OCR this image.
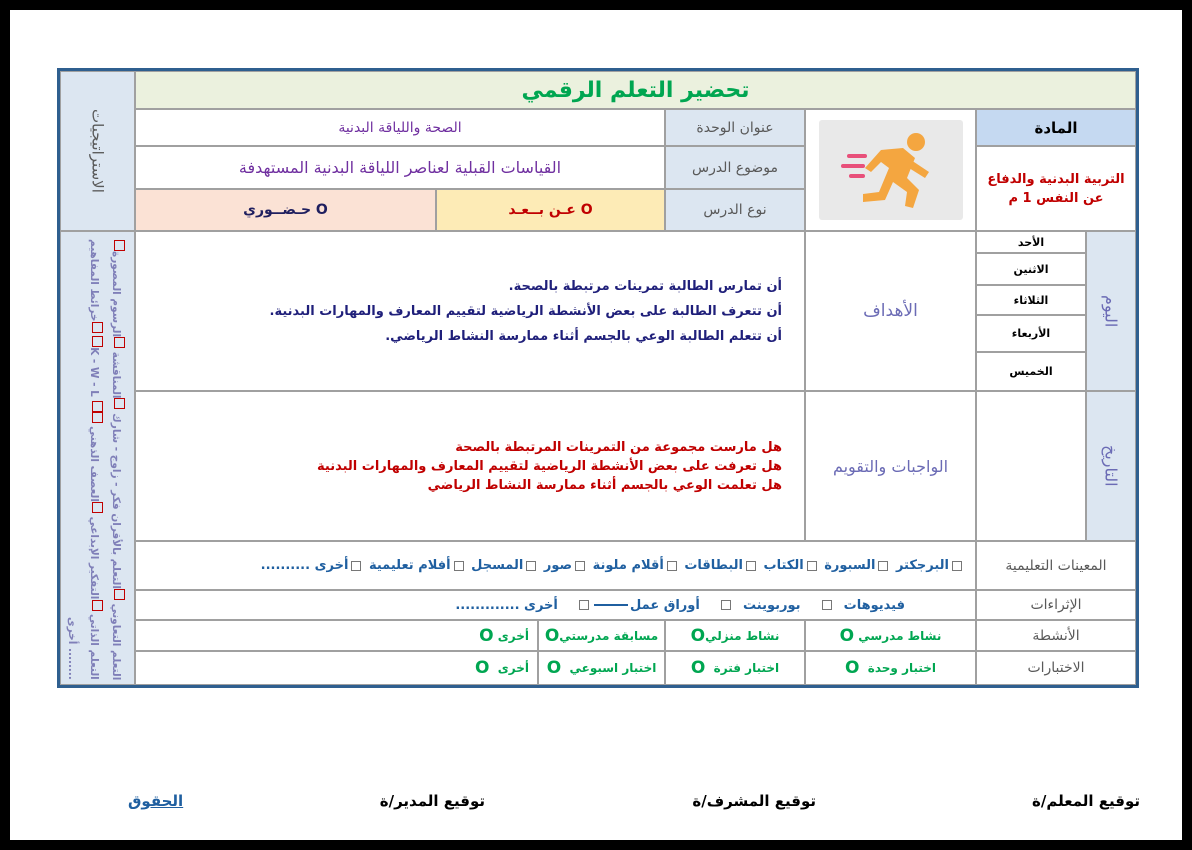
الاستراتيجيات
التعلم التعاوني التعلم بالأقران فكر - زاوج - شارك المناقشة الرسوم المصورة خرائط المفاهيم K - W - L التعلم الذاتي التفكير الإبداعي العصف الذهني أخرى ........
تحضير التعلم الرقمي
المادة
التربية البدنية والدفاع عن النفس 1 م
عنوان الوحدة
الصحة واللياقة البدنية
موضوع الدرس
القياسات القبلية لعناصر اللياقة البدنية المستهدفة
نوع الدرس
عـن بــعـد O
حـضــوري O
اليوم
الأحد
الاثنين
الثلاثاء
الأربعاء
الخميس
التاريخ
الأهداف
أن تمارس الطالبة تمرينات مرتبطة بالصحة.
أن تتعرف الطالبة على بعض الأنشطة الرياضية لتقييم المعارف والمهارات البدنية.
أن تتعلم الطالبة الوعي بالجسم أثناء ممارسة النشاط الرياضي.
الواجبات والتقويم
هل مارست مجموعة من التمرينات المرتبطة بالصحة
هل تعرفت على بعض الأنشطة الرياضية لتقييم المعارف والمهارات البدنية
هل تعلمت الوعي بالجسم أثناء ممارسة النشاط الرياضي
المعينات التعليمية
البرجكتر

السبورة

الكتاب

البطاقات

أقلام ملونة

صور

المسجل

أفلام تعليمية

أخرى ..........
الإثراءات
فيديوهات

بوربوينت

أوراق عمل

أخرى .............
الأنشطة
نشاط مدرسي

O
نشاط منزلي
O
مسابقة مدرستي
O
أخرى

O
الاختبارات
اختبار وحدة

O
اختبار فترة

O
اختبار اسبوعي

O
أخرى

O
توقيع المعلم/ة
توقيع المشرف/ة
توقيع المدير/ة
الحقوق
